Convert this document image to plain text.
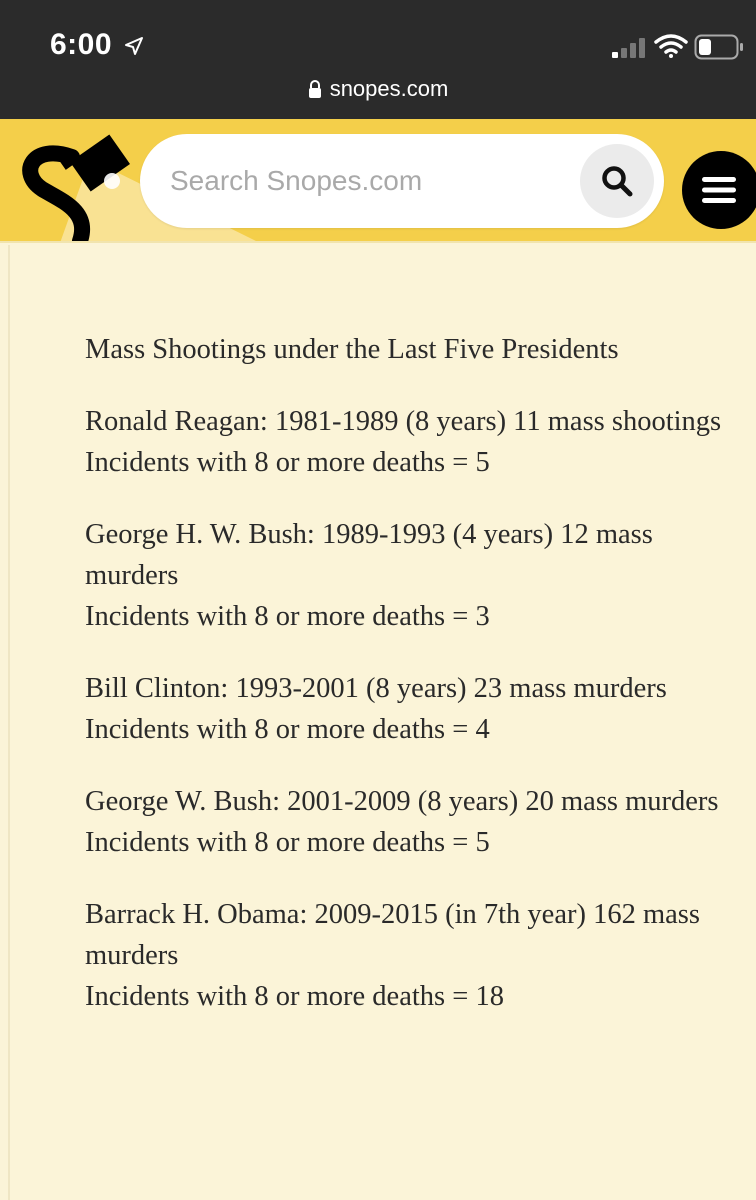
6:00
snopes.com
Search Snopes.com

Mass Shootings under the Last Five Presidents

Ronald Reagan: 1981-1989 (8 years) 11 mass shootings
Incidents with 8 or more deaths = 5

George H. W. Bush: 1989-1993 (4 years) 12 mass murders
Incidents with 8 or more deaths = 3

Bill Clinton: 1993-2001 (8 years) 23 mass murders
Incidents with 8 or more deaths = 4

George W. Bush: 2001-2009 (8 years) 20 mass murders
Incidents with 8 or more deaths = 5

Barrack H. Obama: 2009-2015 (in 7th year) 162 mass murders
Incidents with 8 or more deaths = 18
